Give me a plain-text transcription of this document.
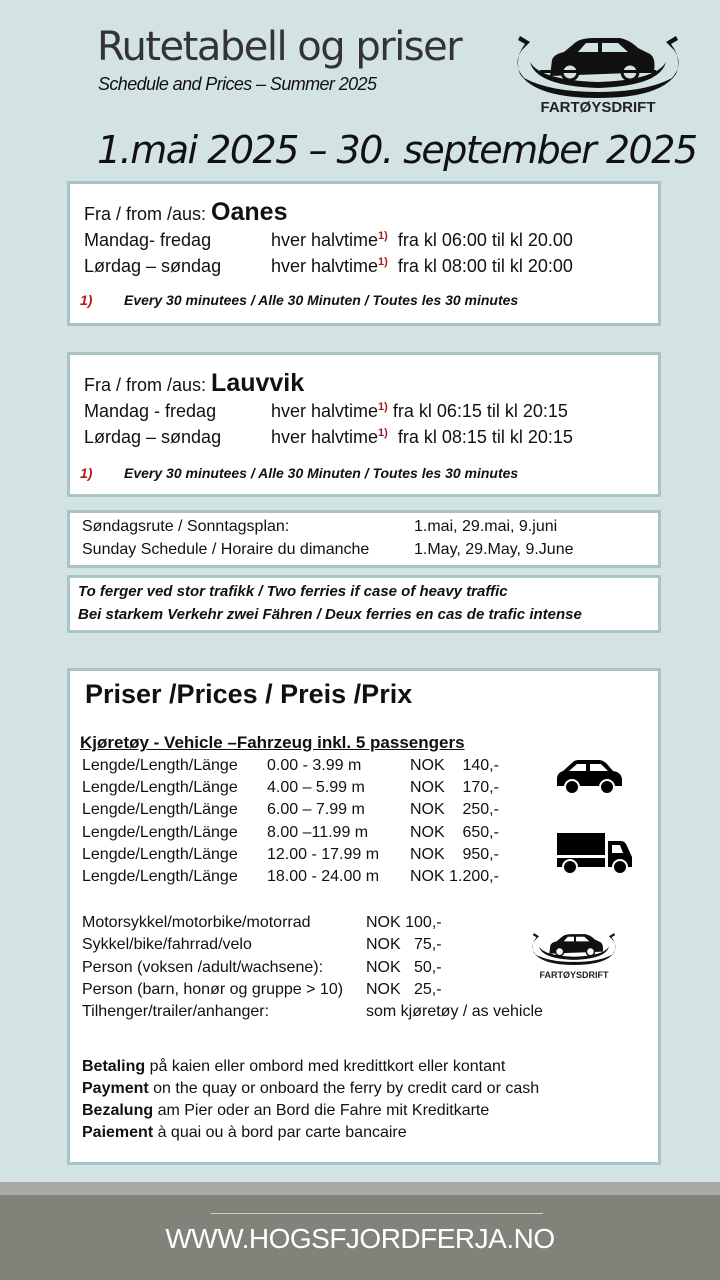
Rutetabell og priser
Schedule and Prices – Summer 2025
FARTØYSDRIFT
1.mai 2025 – 30. september 2025
Fra / from /aus: Oanes
Mandag- fredag	hver halvtime$^{1)}$ fra kl 06:00 til kl 20.00
Lørdag – søndag	hver halvtime$^{1)}$ fra kl 08:00 til kl 20:00
1) Every 30 minutees / Alle 30 Minuten / Toutes les 30 minutes
Fra / from /aus: Lauvvik
Mandag - fredag	hver halvtime$^{1)}$ fra kl 06:15 til kl 20:15
Lørdag – søndag	hver halvtime$^{1)}$ fra kl 08:15 til kl 20:15
1) Every 30 minutees / Alle 30 Minuten / Toutes les 30 minutes
Søndagsrute / Sonntagsplan:	1.mai, 29.mai, 9.juni
Sunday Schedule / Horaire du dimanche	1.May, 29.May, 9.June
To ferger ved stor trafikk / Two ferries if case of heavy traffic
Bei starkem Verkehr zwei Fähren / Deux ferries en cas de trafic intense
Priser /Prices / Preis /Prix
Kjøretøy - Vehicle –Fahrzeug inkl. 5 passengers
Lengde/Length/Länge 0.00 - 3.99 m	NOK    140,-
Lengde/Length/Länge 4.00 – 5.99 m	NOK    170,-
Lengde/Length/Länge 6.00 – 7.99 m	NOK    250,-
Lengde/Length/Länge 8.00 –11.99 m	NOK    650,-
Lengde/Length/Länge 12.00 - 17.99 m NOK    950,-
Lengde/Length/Länge 18.00 - 24.00 m NOK 1.200,-
Motorsykkel/motorbike/motorrad	NOK 100,-
Sykkel/bike/fahrrad/velo	NOK   75,-
Person (voksen /adult/wachsene):	NOK   50,-
Person (barn, honør og gruppe > 10) NOK   25,-
Tilhenger/trailer/anhanger:	som kjøretøy / as vehicle
FARTØYSDRIFT
Betaling på kaien eller ombord med kredittkort eller kontant
Payment on the quay or onboard the ferry by credit card or cash
Bezalung am Pier oder an Bord die Fahre mit Kreditkarte
Paiement à quai ou à bord par carte bancaire
WWW.HOGSFJORDFERJA.NO
